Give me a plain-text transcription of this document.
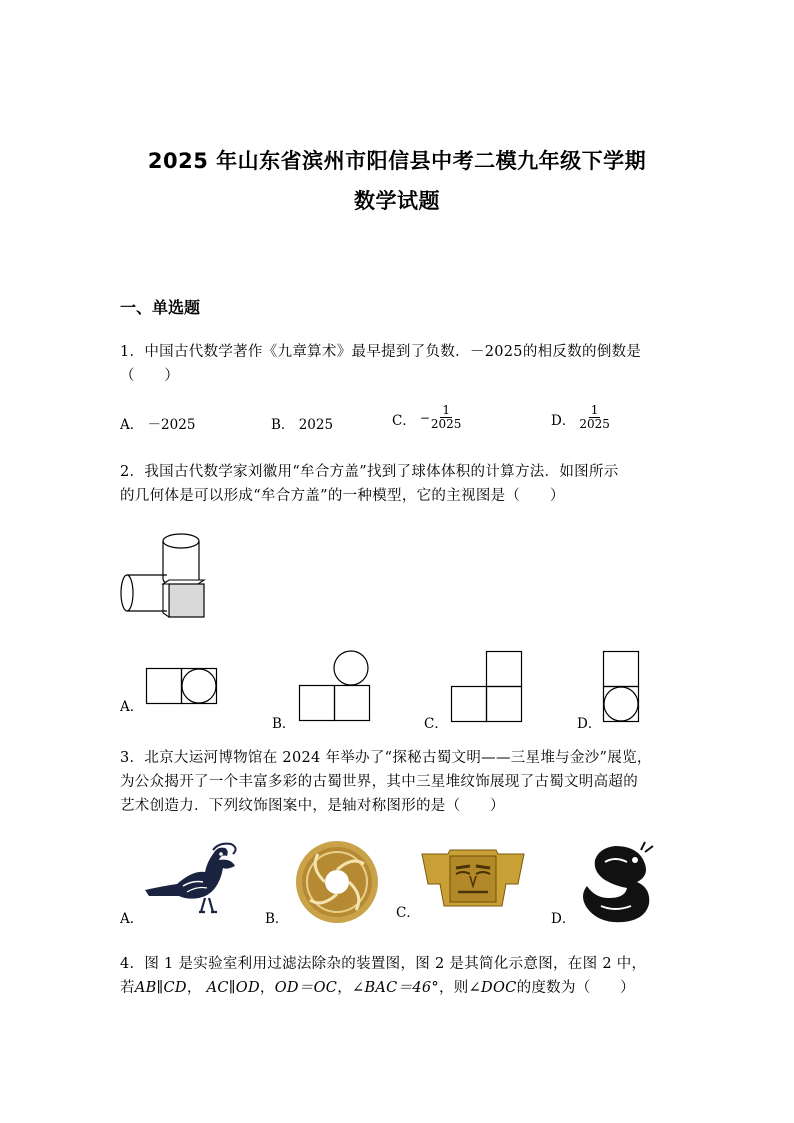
2025 年山东省滨州市阳信县中考二模九年级下学期
数学试题
一、单选题
1．中国古代数学著作《九章算术》最早提到了负数．－2025的相反数的倒数是
（　　）
A． －2025	B． 2025	C． − $\frac{1}{2025}$	D． $\frac{1}{2025}$
2．我国古代数学家刘徽用“牟合方盖”找到了球体体积的计算方法．如图所示
的几何体是可以形成“牟合方盖”的一种模型，它的主视图是（　　）
A．
B．	C．	D．
3．北京大运河博物馆在 2024 年举办了“探秘古蜀文明——三星堆与金沙”展览，
为公众揭开了一个丰富多彩的古蜀世界，其中三星堆纹饰展现了古蜀文明高超的
艺术创造力．下列纹饰图案中，是轴对称图形的是（　　）
A．	B．	C．	D．
4．图 1 是实验室利用过滤法除杂的装置图，图 2 是其简化示意图，在图 2 中，
若AB∥CD， AC∥OD，OD＝OC，∠BAC＝46°，则∠DOC的度数为（　　）
